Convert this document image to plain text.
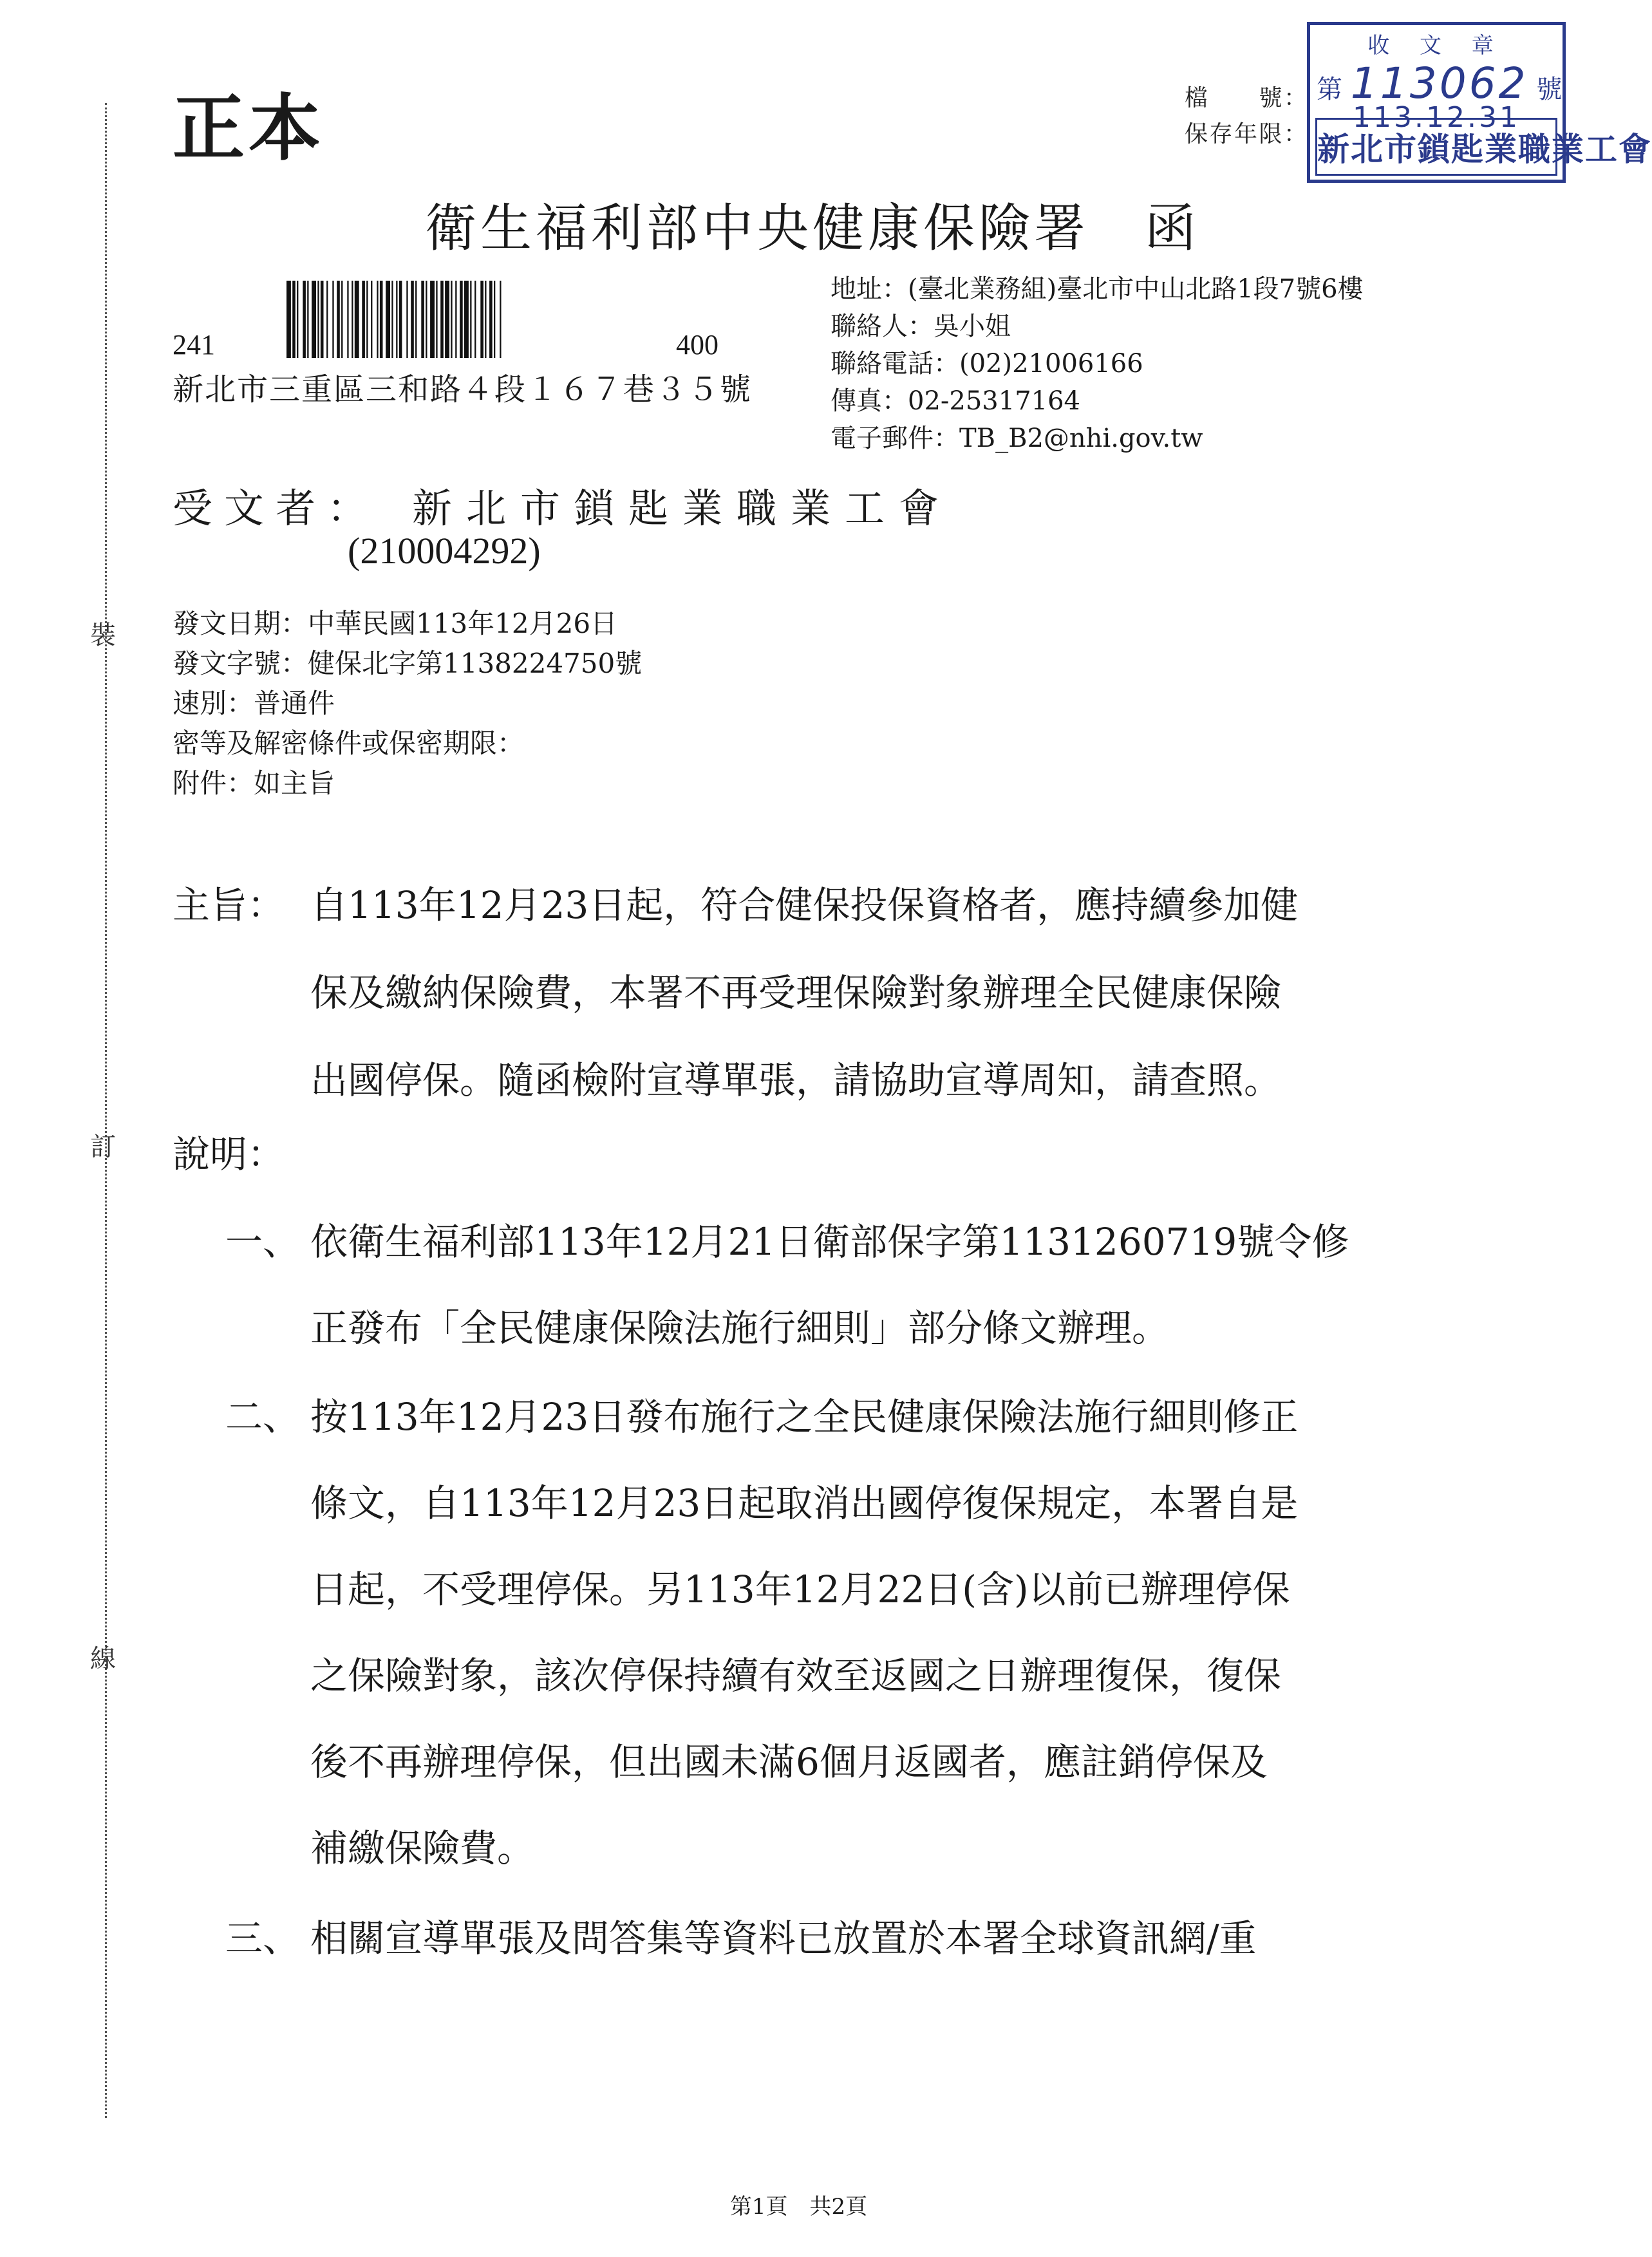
裝
訂
線
正本	檔　　號：
保存年限：
收 文 章
第 113062 號
113.12.31
新北市鎖匙業職業工會
衛生福利部中央健康保險署　函
241	400
新北市三重區三和路４段１６７巷３５號
地址：(臺北業務組)臺北市中山北路1段7號6樓
聯絡人：吳小姐
聯絡電話：(02)21006166
傳真：02-25317164
電子郵件：TB_B2@nhi.gov.tw
受文者： 新北市鎖匙業職業工會
(210004292)
發文日期：中華民國113年12月26日
發文字號：健保北字第1138224750號
速別：普通件
密等及解密條件或保密期限：
附件：如主旨
主旨： 自113年12月23日起，符合健保投保資格者，應持續參加健
保及繳納保險費，本署不再受理保險對象辦理全民健康保險
出國停保。隨函檢附宣導單張，請協助宣導周知，請查照。
說明：
一、 依衛生福利部113年12月21日衛部保字第1131260719號令修
正發布「全民健康保險法施行細則」部分條文辦理。
二、 按113年12月23日發布施行之全民健康保險法施行細則修正
條文，自113年12月23日起取消出國停復保規定，本署自是
日起，不受理停保。另113年12月22日(含)以前已辦理停保
之保險對象，該次停保持續有效至返國之日辦理復保，復保
後不再辦理停保，但出國未滿6個月返國者，應註銷停保及
補繳保險費。
三、 相關宣導單張及問答集等資料已放置於本署全球資訊網/重
第1頁　共2頁
